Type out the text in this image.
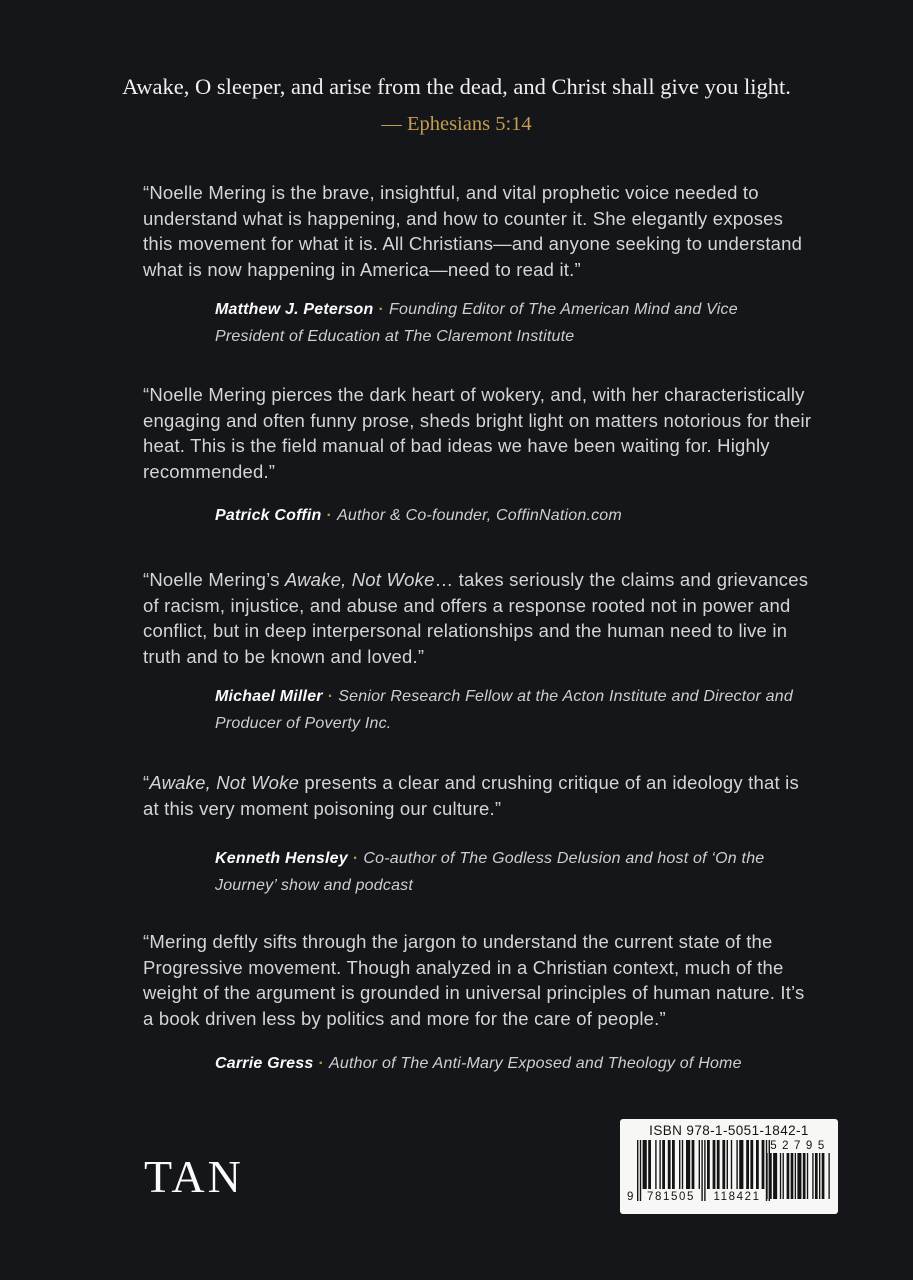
Awake, O sleeper, and arise from the dead, and Christ shall give you light.
— Ephesians 5:14
“Noelle Mering is the brave, insightful, and vital prophetic voice needed to understand what is happening, and how to counter it. She elegantly exposes this movement for what it is. All Christians—and anyone seeking to understand what is now happening in America—need to read it.”
Matthew J. Peterson · Founding Editor of The American Mind and Vice President of Education at The Claremont Institute
“Noelle Mering pierces the dark heart of wokery, and, with her characteristically engaging and often funny prose, sheds bright light on matters notorious for their heat. This is the field manual of bad ideas we have been waiting for. Highly recommended.”
Patrick Coffin · Author & Co-founder, CoffinNation.com
“Noelle Mering’s Awake, Not Woke… takes seriously the claims and grievances of racism, injustice, and abuse and offers a response rooted not in power and conflict, but in deep interpersonal relationships and the human need to live in truth and to be known and loved.”
Michael Miller · Senior Research Fellow at the Acton Institute and Director and Producer of Poverty Inc.
“Awake, Not Woke presents a clear and crushing critique of an ideology that is at this very moment poisoning our culture.”
Kenneth Hensley · Co-author of The Godless Delusion and host of ‘On the Journey’ show and podcast
“Mering deftly sifts through the jargon to understand the current state of the Progressive movement. Though analyzed in a Christian context, much of the weight of the argument is grounded in universal principles of human nature. It’s a book driven less by politics and more for the care of people.”
Carrie Gress · Author of The Anti-Mary Exposed and Theology of Home
TAN
ISBN 978-1-5051-1842-1
9	781505	118421
52795
